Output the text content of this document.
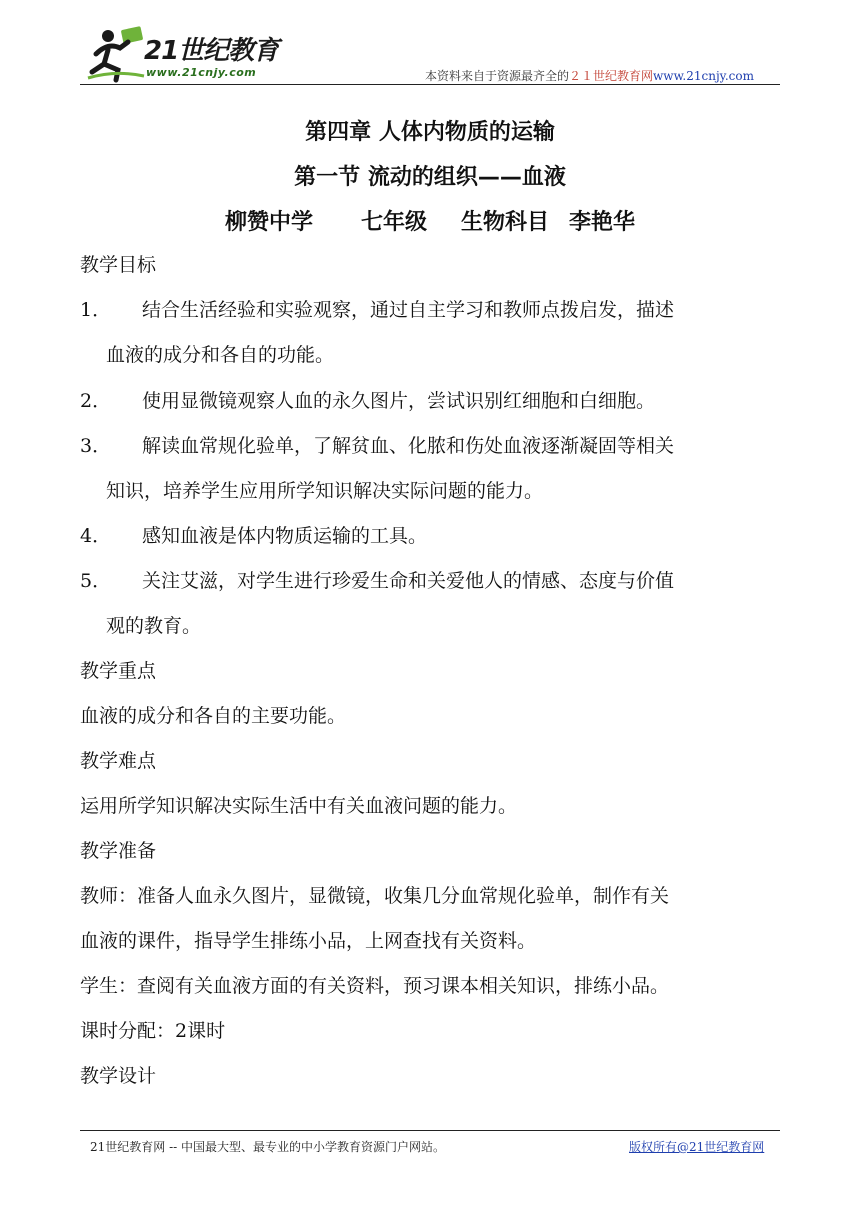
21世纪教育
www.21cnjy.com	本资料来自于资源最齐全的２１世纪教育网www.21cnjy.com
第四章 人体内物质的运输
第一节 流动的组织——血液
柳赞中学 七年级 生物科目 李艳华
教学目标
1． 结合生活经验和实验观察，通过自主学习和教师点拨启发，描述
血液的成分和各自的功能。
2． 使用显微镜观察人血的永久图片，尝试识别红细胞和白细胞。
3． 解读血常规化验单，了解贫血、化脓和伤处血液逐渐凝固等相关
知识，培养学生应用所学知识解决实际问题的能力。
4． 感知血液是体内物质运输的工具。
5． 关注艾滋，对学生进行珍爱生命和关爱他人的情感、态度与价值
观的教育。
教学重点
血液的成分和各自的主要功能。
教学难点
运用所学知识解决实际生活中有关血液问题的能力。
教学准备
教师：准备人血永久图片，显微镜，收集几分血常规化验单，制作有关
血液的课件，指导学生排练小品，上网查找有关资料。
学生：查阅有关血液方面的有关资料，预习课本相关知识，排练小品。
课时分配：2课时
教学设计
21世纪教育网 -- 中国最大型、最专业的中小学教育资源门户网站。	版权所有@21世纪教育网
